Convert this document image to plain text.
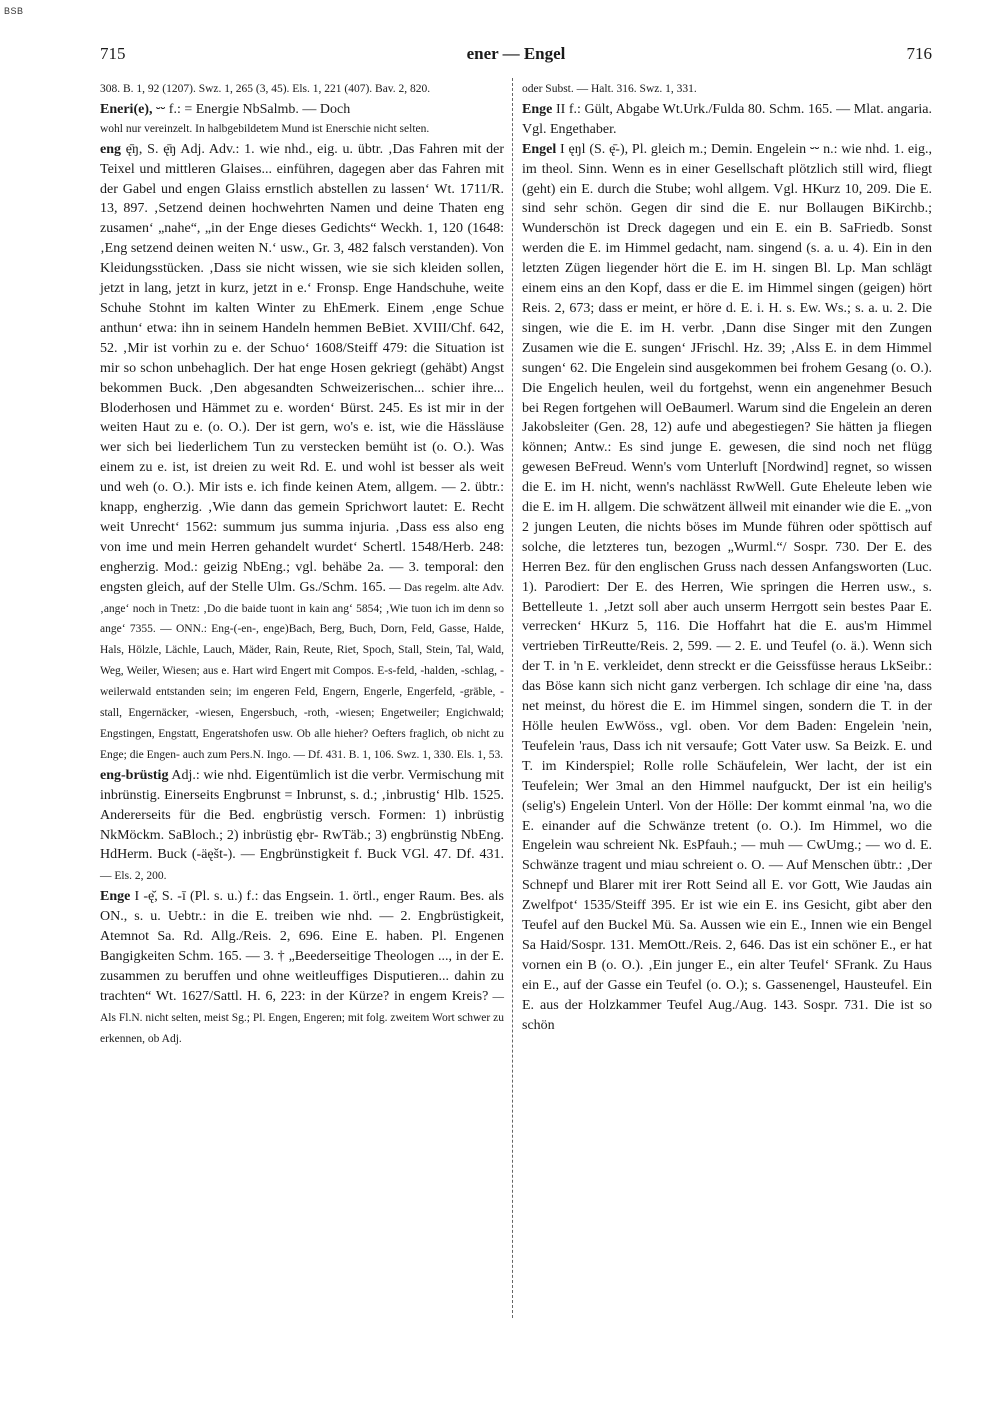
BSB
715	ener — Engel	716

308. B. 1, 92 (1207). Swz. 1, 265 (3, 45). Els. 1, 221 (407). Bav. 2, 820.

Eneri(e), ⏑⏑ f.: = Energie NbSalmb. — Doch

wohl nur vereinzelt. In halbgebildetem Mund ist Enerschie nicht selten.

eng ę̄ŋ, S. ę̄ŋ Adj. Adv.: 1. wie nhd., eig. u. übtr. ‚Das Fahren mit der Teixel und mittleren Glaises... einführen, dagegen aber das Fahren mit der Gabel und engen Glaiss ernstlich abstellen zu lassen‘ Wt. 1711/R. 13, 897. ‚Setzend deinen hochwehrten Namen und deine Thaten eng zusamen‘ „nahe“, „in der Enge dieses Gedichts“ Weckh. 1, 120 (1648: ‚Eng setzend deinen weiten N.‘ usw., Gr. 3, 482 falsch verstanden). Von Kleidungsstücken. ‚Dass sie nicht wissen, wie sie sich kleiden sollen, jetzt in lang, jetzt in kurz, jetzt in e.‘ Fronsp. Enge Handschuhe, weite Schuhe Stohnt im kalten Winter zu EhEmerk. Einem ‚enge Schue anthun‘ etwa: ihn in seinem Handeln hemmen BeBiet. XVIII/Chf. 642, 52. ‚Mir ist vorhin zu e. der Schuo‘ 1608/Steiff 479: die Situation ist mir so schon unbehaglich. Der hat enge Hosen gekriegt (gehäbt) Angst bekommen Buck. ‚Den abgesandten Schweizerischen... schier ihre... Bloderhosen und Hämmet zu e. worden‘ Bürst. 245. Es ist mir in der weiten Haut zu e. (o. O.). Der ist gern, wo's e. ist, wie die Hässläuse wer sich bei liederlichem Tun zu verstecken bemüht ist (o. O.). Was einem zu e. ist, ist dreien zu weit Rd. E. und wohl ist besser als weit und weh (o. O.). Mir ists e. ich finde keinen Atem, allgem. — 2. übtr.: knapp, engherzig. ‚Wie dann das gemein Sprichwort lautet: E. Recht weit Unrecht‘ 1562: summum jus summa injuria. ‚Dass ess also eng von ime und mein Herren gehandelt wurdet‘ Schertl. 1548/Herb. 248: engherzig. Mod.: geizig NbEng.; vgl. behäbe 2a. — 3. temporal: den engsten gleich, auf der Stelle Ulm. Gs./Schm. 165. — Das regelm. alte Adv. ‚ange‘ noch in Tnetz: ‚Do die baide tuont in kain ang‘ 5854; ‚Wie tuon ich im denn so ange‘ 7355. — ONN.: Eng-(-en-, enge)Bach, Berg, Buch, Dorn, Feld, Gasse, Halde, Hals, Hölzle, Lächle, Lauch, Mäder, Rain, Reute, Riet, Spoch, Stall, Stein, Tal, Wald, Weg, Weiler, Wiesen; aus e. Hart wird Engert mit Compos. E-s-feld, -halden, -schlag, -weilerwald entstanden sein; im engeren Feld, Engern, Engerle, Engerfeld, -gräble, -stall, Engernäcker, -wiesen, Engersbuch, -roth, -wiesen; Engetweiler; Engichwald; Engstingen, Engstatt, Engeratshofen usw. Ob alle hieher? Oefters fraglich, ob nicht zu Enge; die Engen- auch zum Pers.N. Ingo. — Df. 431. B. 1, 106. Swz. 1, 330. Els. 1, 53.

eng-brüstig Adj.: wie nhd. Eigentümlich ist die verbr. Vermischung mit inbrünstig. Einerseits Engbrunst = Inbrunst, s. d.; ‚inbrustig‘ Hlb. 1525. Andererseits für die Bed. engbrüstig versch. Formen: 1) inbrüstig NkMöckm. SaBloch.; 2) inbrüstig ębr- RwTäb.; 3) engbrünstig NbEng. HdHerm. Buck (-äęšt-). — Engbrünstigkeit f. Buck VGl. 47. Df. 431. — Els. 2, 200.

Enge I -ę̆, S. -ī (Pl. s. u.) f.: das Engsein. 1. örtl., enger Raum. Bes. als ON., s. u. Uebtr.: in die E. treiben wie nhd. — 2. Engbrüstigkeit, Atemnot Sa. Rd. Allg./Reis. 2, 696. Eine E. haben. Pl. Engenen Bangigkeiten Schm. 165. — 3. † „Beederseitige Theologen ..., in der E. zusammen zu beruffen und ohne weitleuffiges Disputieren... dahin zu trachten“ Wt. 1627/Sattl. H. 6, 223: in der Kürze? in engem Kreis? — Als Fl.N. nicht selten, meist Sg.; Pl. Engen, Engeren; mit folg. zweitem Wort schwer zu erkennen, ob Adj.

oder Subst. — Halt. 316. Swz. 1, 331.

Enge II f.: Gült, Abgabe Wt.Urk./Fulda 80. Schm. 165. — Mlat. angaria. Vgl. Engethaber.

Engel I ęŋl (S. ę̄-), Pl. gleich m.; Demin. Engelein ⏑⏑ n.: wie nhd. 1. eig., im theol. Sinn. Wenn es in einer Gesellschaft plötzlich still wird, fliegt (geht) ein E. durch die Stube; wohl allgem. Vgl. HKurz 10, 209. Die E. sind sehr schön. Gegen dir sind die E. nur Bollaugen BiKirchb.; Wunderschön ist Dreck dagegen und ein E. ein B. SaFriedb. Sonst werden die E. im Himmel gedacht, nam. singend (s. a. u. 4). Ein in den letzten Zügen liegender hört die E. im H. singen Bl. Lp. Man schlägt einem eins an den Kopf, dass er die E. im Himmel singen (geigen) hört Reis. 2, 673; dass er meint, er höre d. E. i. H. s. Ew. Ws.; s. a. u. 2. Die singen, wie die E. im H. verbr. ‚Dann dise Singer mit den Zungen Zusamen wie die E. sungen‘ JFrischl. Hz. 39; ‚Alss E. in dem Himmel sungen‘ 62. Die Engelein sind ausgekommen bei frohem Gesang (o. O.). Die Engelich heulen, weil du fortgehst, wenn ein angenehmer Besuch bei Regen fortgehen will OeBaumerl. Warum sind die Engelein an deren Jakobsleiter (Gen. 28, 12) aufe und abegestiegen? Sie hätten ja fliegen können; Antw.: Es sind junge E. gewesen, die sind noch net flügg gewesen BeFreud. Wenn's vom Unterluft [Nordwind] regnet, so wissen die E. im H. nicht, wenn's nachlässt RwWell. Gute Eheleute leben wie die E. im H. allgem. Die schwätzent ällweil mit einander wie die E. „von 2 jungen Leuten, die nichts böses im Munde führen oder spöttisch auf solche, die letzteres tun, bezogen „Wurml.“/ Sospr. 730. Der E. des Herren Bez. für den englischen Gruss nach dessen Anfangsworten (Luc. 1). Parodiert: Der E. des Herren, Wie springen die Herren usw., s. Bettelleute 1. ‚Jetzt soll aber auch unserm Herrgott sein bestes Paar E. verrecken‘ HKurz 5, 116. Die Hoffahrt hat die E. aus'm Himmel vertrieben TirReutte/Reis. 2, 599. — 2. E. und Teufel (o. ä.). Wenn sich der T. in 'n E. verkleidet, denn streckt er die Geissfüsse heraus LkSeibr.: das Böse kann sich nicht ganz verbergen. Ich schlage dir eine 'na, dass net meinst, du hörest die E. im Himmel singen, sondern die T. in der Hölle heulen EwWöss., vgl. oben. Vor dem Baden: Engelein 'nein, Teufelein 'raus, Dass ich nit versaufe; Gott Vater usw. Sa Beizk. E. und T. im Kinderspiel; Rolle rolle Schäufelein, Wer lacht, der ist ein Teufelein; Wer 3mal an den Himmel naufguckt, Der ist ein heilig's (selig's) Engelein Unterl. Von der Hölle: Der kommt einmal 'na, wo die E. einander auf die Schwänze tretent (o. O.). Im Himmel, wo die Engelein wau schreient Nk. EsPfauh.; — muh — CwUmg.; — wo d. E. Schwänze tragent und miau schreient o. O. — Auf Menschen übtr.: ‚Der Schnepf und Blarer mit irer Rott Seind all E. vor Gott, Wie Jaudas ain Zwelfpot‘ 1535/Steiff 395. Er ist wie ein E. ins Gesicht, gibt aber den Teufel auf den Buckel Mü. Sa. Aussen wie ein E., Innen wie ein Bengel Sa Haid/Sospr. 131. MemOtt./Reis. 2, 646. Das ist ein schöner E., er hat vornen ein B (o. O.). ‚Ein junger E., ein alter Teufel‘ SFrank. Zu Haus ein E., auf der Gasse ein Teufel (o. O.); s. Gassenengel, Hausteufel. Ein E. aus der Holzkammer Teufel Aug./Aug. 143. Sospr. 731. Die ist so schön
